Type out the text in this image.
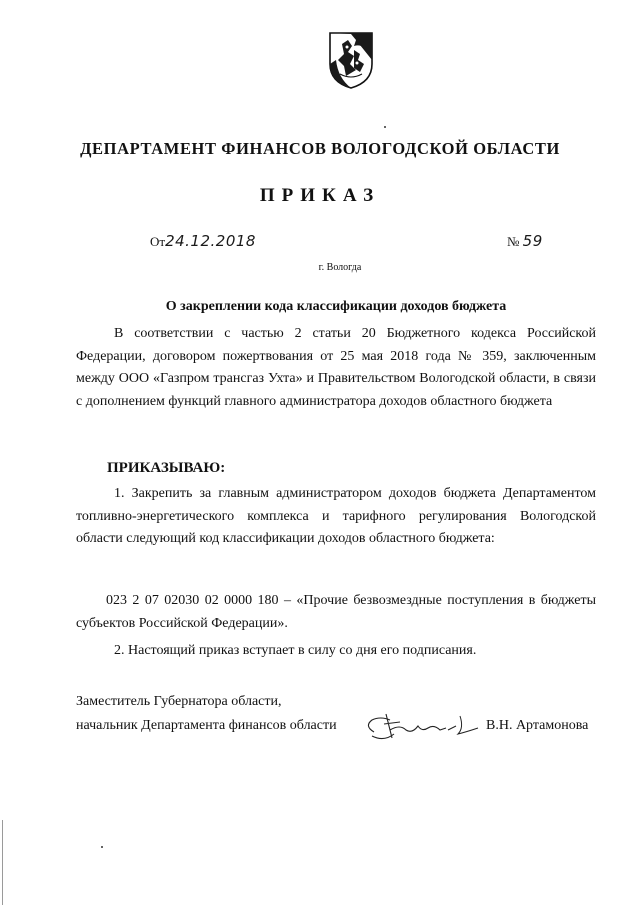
ДЕПАРТАМЕНТ ФИНАНСОВ ВОЛОГОДСКОЙ ОБЛАСТИ
ПРИКАЗ
От24.12.2018	№ 59
г. Вологда
О закреплении кода классификации доходов бюджета
В соответствии с частью 2 статьи 20 Бюджетного кодекса Российской Федерации, договором пожертвования от 25 мая 2018 года № 359, заключенным между ООО «Газпром трансгаз Ухта» и Правительством Вологодской области, в связи с дополнением функций главного администратора доходов областного бюджета
ПРИКАЗЫВАЮ:
1. Закрепить за главным администратором доходов бюджета Департаментом топливно-энергетического комплекса и тарифного регулирования Вологодской области следующий код классификации доходов областного бюджета:
023 2 07 02030 02 0000 180 – «Прочие безвозмездные поступления в бюджеты субъектов Российской Федерации».
2. Настоящий приказ вступает в силу со дня его подписания.
Заместитель Губернатора области,
начальник Департамента финансов области	В.Н. Артамонова
